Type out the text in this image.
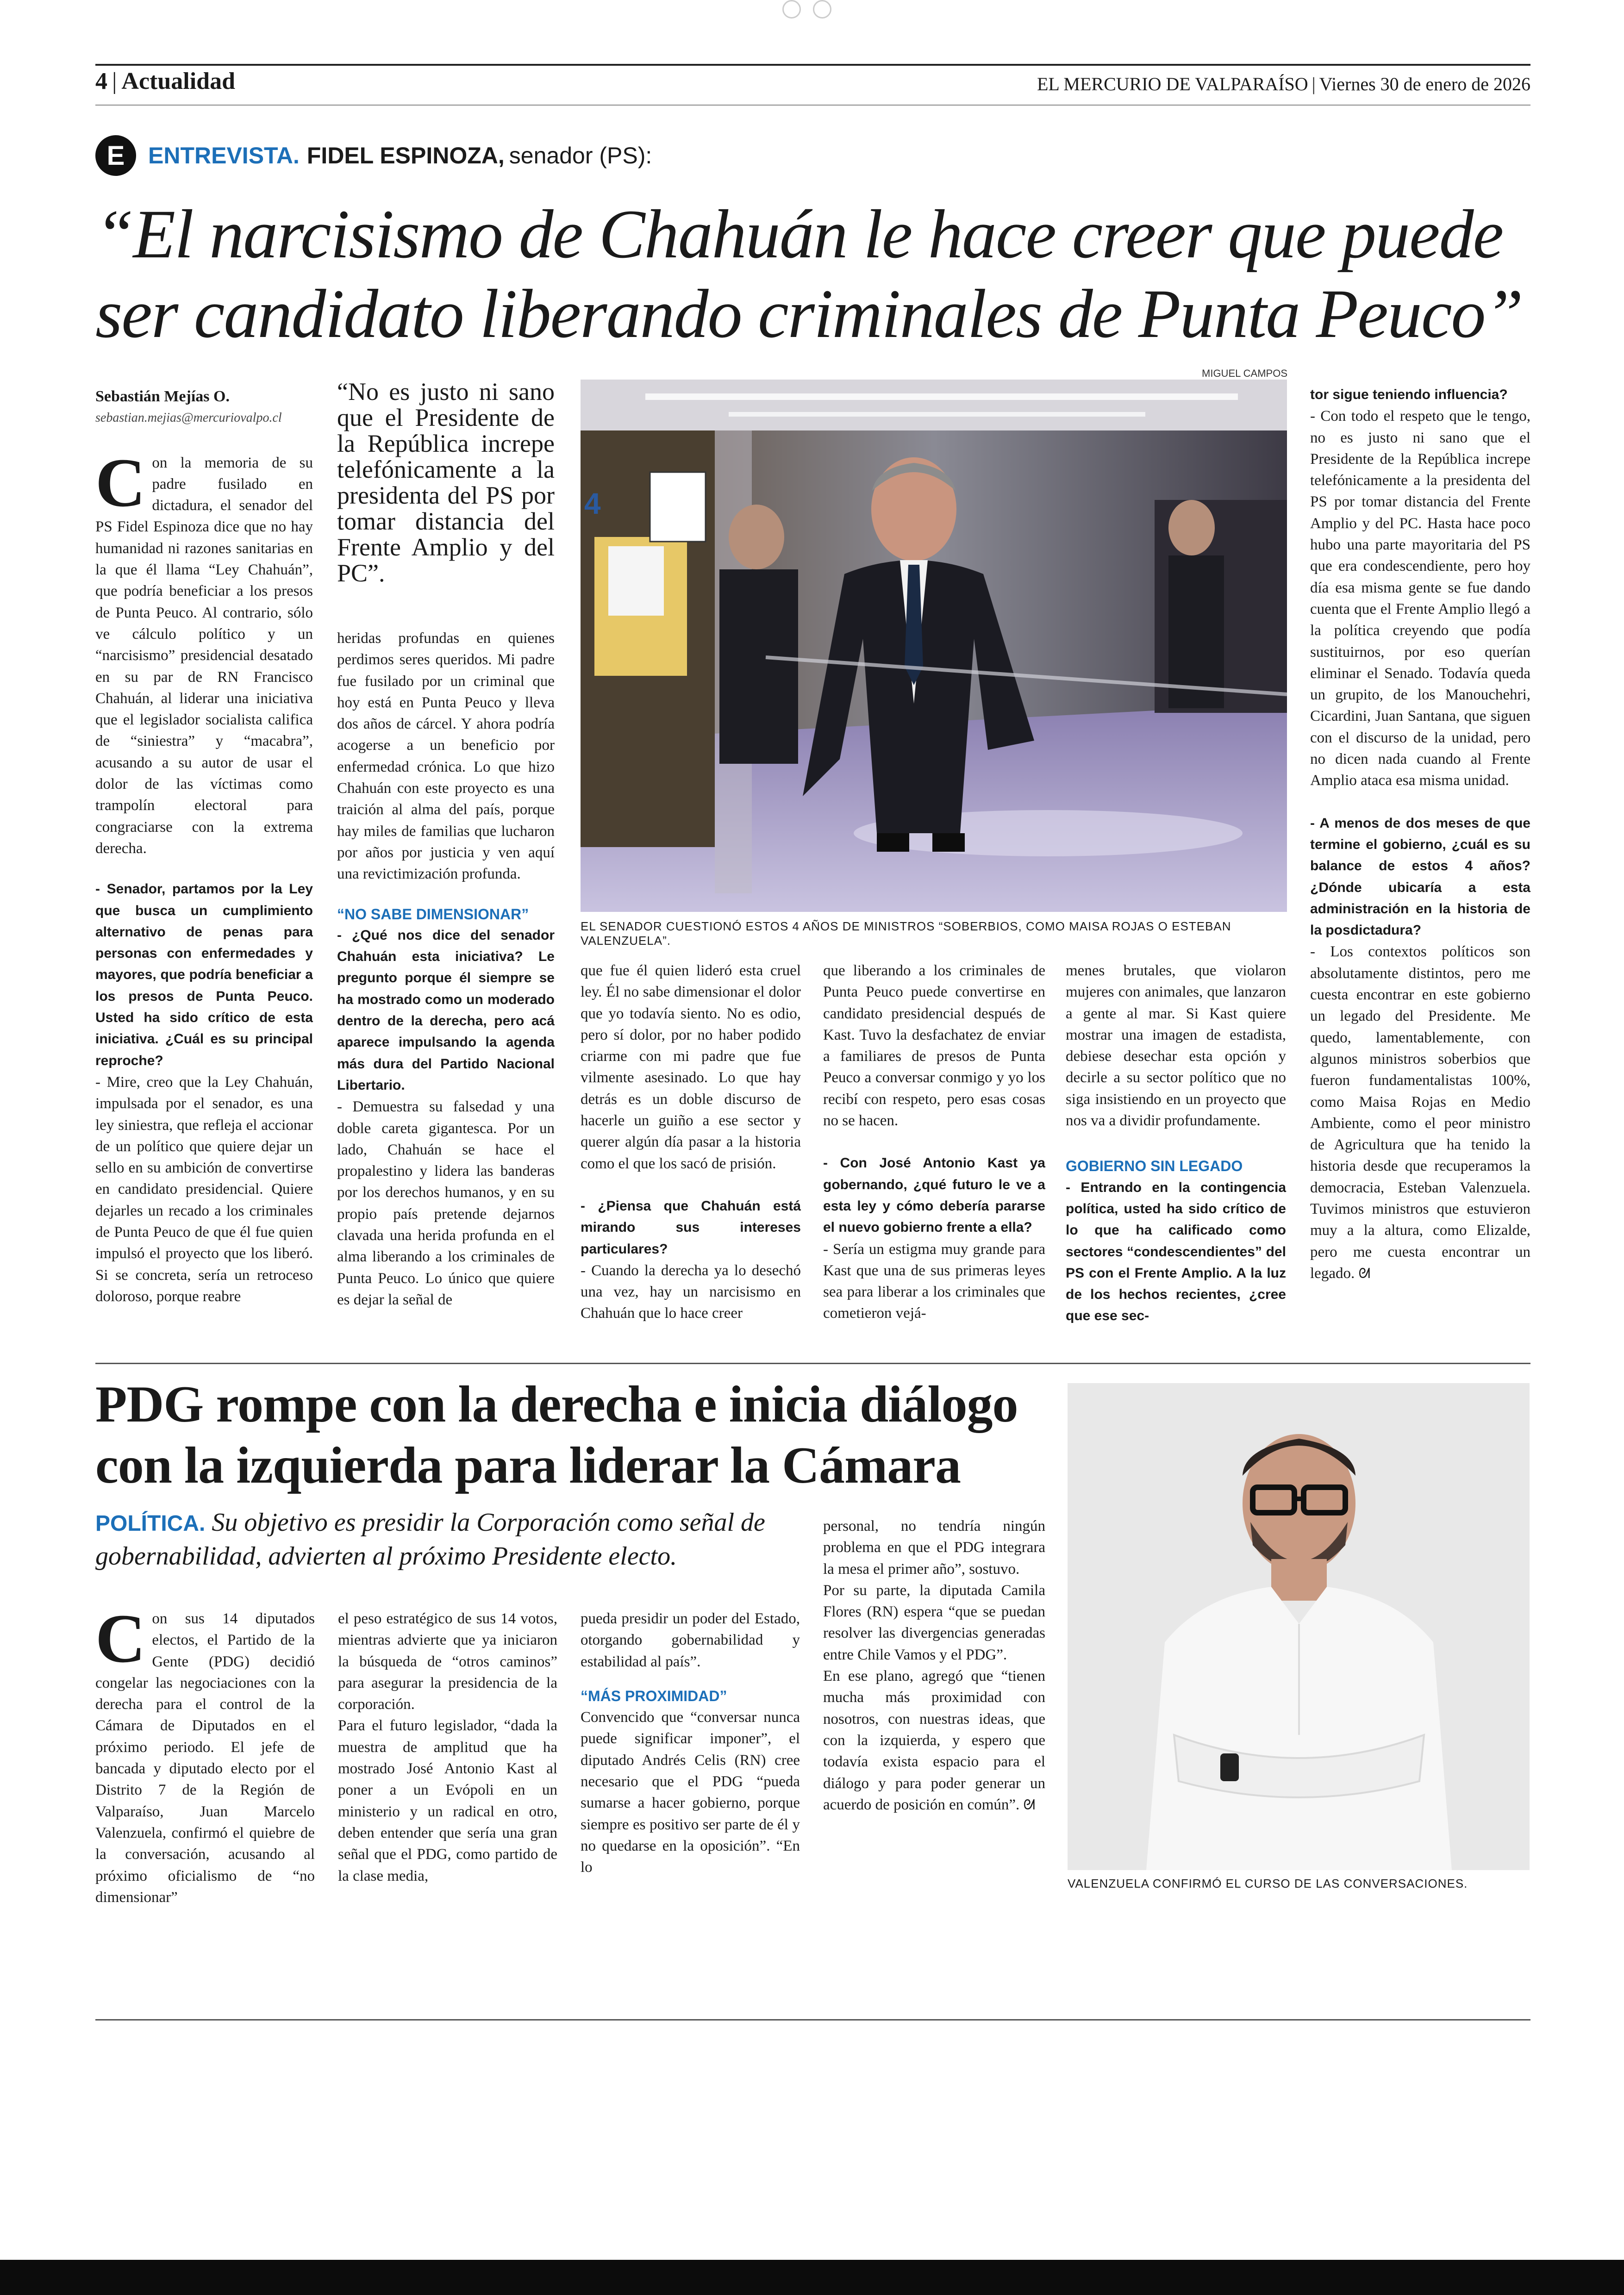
4 | Actualidad	EL MERCURIO DE VALPARAÍSO | Viernes 30 de enero de 2026
E	ENTREVISTA. FIDEL ESPINOZA, senador (PS):
“El narcisismo de Chahuán le hace creer que puede
ser candidato liberando criminales de Punta Peuco”
Sebastián Mejías O.
sebastian.mejias@mercuriovalpo.cl

Con la memoria de su padre fusilado en dictadura, el senador del PS Fidel Espinoza dice que no hay humanidad ni razones sanitarias en la que él llama “Ley Chahuán”, que podría beneficiar a los presos de Punta Peuco. Al contrario, sólo ve cálculo político y un “narcisismo” presidencial desatado en su par de RN Francisco Chahuán, al liderar una iniciativa que el legislador socialista califica de “siniestra” y “macabra”, acusando a su autor de usar el dolor de las víctimas como trampolín electoral para congraciarse con la extrema derecha.

- Senador, partamos por la Ley que busca un cumplimiento alternativo de penas para personas con enfermedades y mayores, que podría beneficiar a los presos de Punta Peuco. Usted ha sido crítico de esta iniciativa. ¿Cuál es su principal reproche?

- Mire, creo que la Ley Chahuán, impulsada por el senador, es una ley siniestra, que refleja el accionar de un político que quiere dejar un sello en su ambición de convertirse en candidato presidencial. Quiere dejarles un recado a los criminales de Punta Peuco de que él fue quien impulsó el proyecto que los liberó. Si se concreta, sería un retroceso doloroso, porque reabre

“No es justo ni sano que el Presidente de la República increpe telefónicamente a la presidenta del PS por tomar distancia del Frente Amplio y del PC”.

heridas profundas en quienes perdimos seres queridos. Mi padre fue fusilado por un criminal que hoy está en Punta Peuco y lleva dos años de cárcel. Y ahora podría acogerse a un beneficio por enfermedad crónica. Lo que hizo Chahuán con este proyecto es una traición al alma del país, porque hay miles de familias que lucharon por años por justicia y ven aquí una revictimización profunda.

“NO SABE DIMENSIONAR”

- ¿Qué nos dice del senador Chahuán esta iniciativa? Le pregunto porque él siempre se ha mostrado como un moderado dentro de la derecha, pero acá aparece impulsando la agenda más dura del Partido Nacional Libertario.

- Demuestra su falsedad y una doble careta gigantesca. Por un lado, Chahuán se hace el propalestino y lidera las banderas por los derechos humanos, y en su propio país pretende dejarnos clavada una herida profunda en el alma liberando a los criminales de Punta Peuco. Lo único que quiere es dejar la señal de

MIGUEL CAMPOS
4
EL SENADOR CUESTIONÓ ESTOS 4 AÑOS DE MINISTROS “SOBERBIOS, COMO MAISA ROJAS O ESTEBAN VALENZUELA”.

que fue él quien lideró esta cruel ley. Él no sabe dimensionar el dolor que yo todavía siento. No es odio, pero sí dolor, por no haber podido criarme con mi padre que fue vilmente asesinado. Lo que hay detrás es un doble discurso de hacerle un guiño a ese sector y querer algún día pasar a la historia como el que los sacó de prisión.

- ¿Piensa que Chahuán está mirando sus intereses particulares?

- Cuando la derecha ya lo desechó una vez, hay un narcisismo en Chahuán que lo hace creer

que liberando a los criminales de Punta Peuco puede convertirse en candidato presidencial después de Kast. Tuvo la desfachatez de enviar a familiares de presos de Punta Peuco a conversar conmigo y yo los recibí con respeto, pero esas cosas no se hacen.

- Con José Antonio Kast ya gobernando, ¿qué futuro le ve a esta ley y cómo debería pararse el nuevo gobierno frente a ella?

- Sería un estigma muy grande para Kast que una de sus primeras leyes sea para liberar a los criminales que cometieron vejá-

menes brutales, que violaron mujeres con animales, que lanzaron a gente al mar. Si Kast quiere mostrar una imagen de estadista, debiese desechar esta opción y decirle a su sector político que no siga insistiendo en un proyecto que nos va a dividir profundamente.

GOBIERNO SIN LEGADO

- Entrando en la contingencia política, usted ha sido crítico de lo que ha calificado como sectores “condescendientes” del PS con el Frente Amplio. A la luz de los hechos recientes, ¿cree que ese sec-

tor sigue teniendo influencia?

- Con todo el respeto que le tengo, no es justo ni sano que el Presidente de la República increpe telefónicamente a la presidenta del PS por tomar distancia del Frente Amplio y del PC. Hasta hace poco hubo una parte mayoritaria del PS que era condescendiente, pero hoy día esa misma gente se fue dando cuenta que el Frente Amplio llegó a la política creyendo que podía sustituirnos, por eso querían eliminar el Senado. Todavía queda un grupito, de los Manouchehri, Cicardini, Juan Santana, que siguen con el discurso de la unidad, pero no dicen nada cuando al Frente Amplio ataca esa misma unidad.

- A menos de dos meses de que termine el gobierno, ¿cuál es su balance de estos 4 años? ¿Dónde ubicaría a esta administración en la historia de la posdictadura?

- Los contextos políticos son absolutamente distintos, pero me cuesta encontrar en este gobierno un legado del Presidente. Me quedo, lamentablemente, con algunos ministros soberbios que fueron fundamentalistas 100%, como Maisa Rojas en Medio Ambiente, como el peor ministro de Agricultura que ha tenido la historia desde que recuperamos la democracia, Esteban Valenzuela. Tuvimos ministros que estuvieron muy a la altura, como Elizalde, pero me cuesta encontrar un legado. ᘛ

PDG rompe con la derecha e inicia diálogo
con la izquierda para liderar la Cámara
POLÍTICA. Su objetivo es presidir la Corporación como señal de gobernabilidad, advierten al próximo Presidente electo.

Con sus 14 diputados electos, el Partido de la Gente (PDG) decidió congelar las negociaciones con la derecha para el control de la Cámara de Diputados en el próximo periodo. El jefe de bancada y diputado electo por el Distrito 7 de la Región de Valparaíso, Juan Marcelo Valenzuela, confirmó el quiebre de la conversación, acusando al próximo oficialismo de “no dimensionar”

el peso estratégico de sus 14 votos, mientras advierte que ya iniciaron la búsqueda de “otros caminos” para asegurar la presidencia de la corporación.
Para el futuro legislador, “dada la muestra de amplitud que ha mostrado José Antonio Kast al poner a un Evópoli en un ministerio y un radical en otro, deben entender que sería una gran señal que el PDG, como partido de la clase media,

pueda presidir un poder del Estado, otorgando gobernabilidad y estabilidad al país”.

“MÁS PROXIMIDAD”

Convencido que “conversar nunca puede significar imponer”, el diputado Andrés Celis (RN) cree necesario que el PDG “pueda sumarse a hacer gobierno, porque siempre es positivo ser parte de él y no quedarse en la oposición”. “En lo

personal, no tendría ningún problema en que el PDG integrara la mesa el primer año”, sostuvo.
Por su parte, la diputada Camila Flores (RN) espera “que se puedan resolver las divergencias generadas entre Chile Vamos y el PDG”.
En ese plano, agregó que “tienen mucha más proximidad con nosotros, con nuestras ideas, que con la izquierda, y espero que todavía exista espacio para el diálogo y para poder generar un acuerdo de posición en común”. ᘛ

VALENZUELA CONFIRMÓ EL CURSO DE LAS CONVERSACIONES.
